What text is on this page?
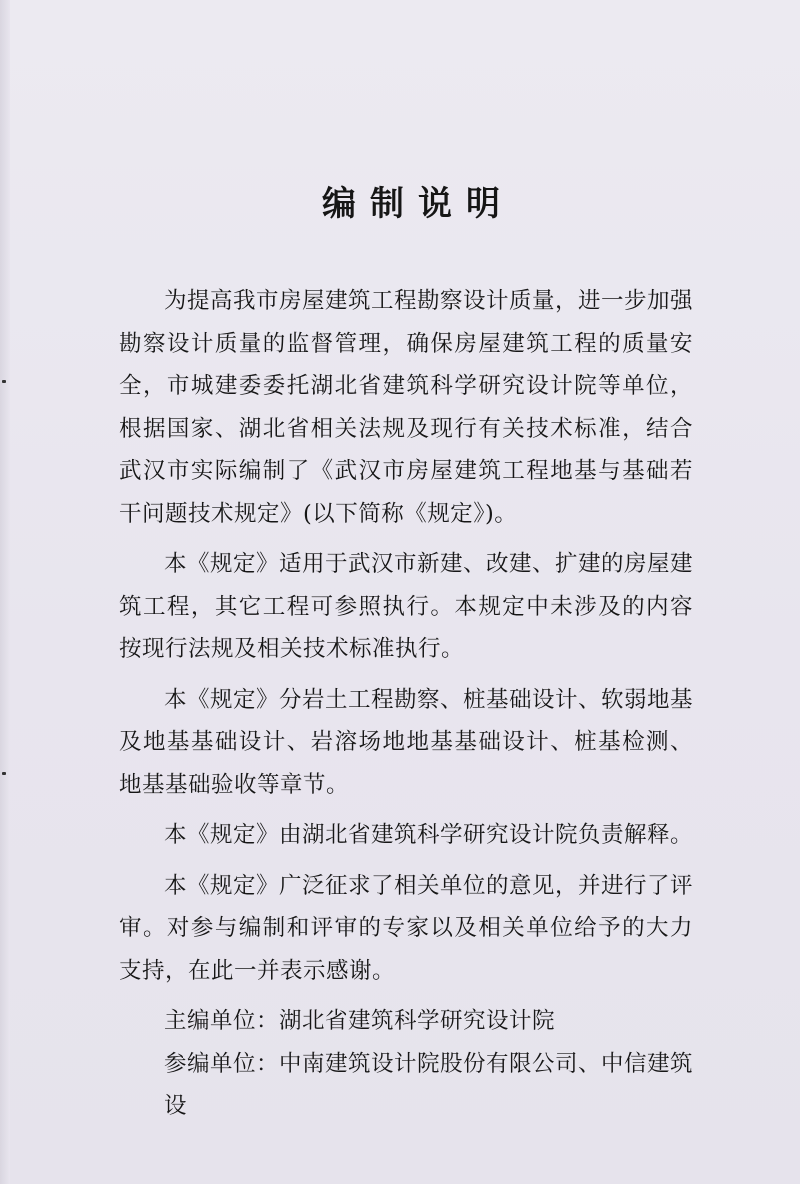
编制说明

为提高我市房屋建筑工程勘察设计质量，进一步加强勘察设计质量的监督管理，确保房屋建筑工程的质量安全，市城建委委托湖北省建筑科学研究设计院等单位，根据国家、湖北省相关法规及现行有关技术标准，结合武汉市实际编制了《武汉市房屋建筑工程地基与基础若干问题技术规定》(以下简称《规定》)。

本《规定》适用于武汉市新建、改建、扩建的房屋建筑工程，其它工程可参照执行。本规定中未涉及的内容按现行法规及相关技术标准执行。

本《规定》分岩土工程勘察、桩基础设计、软弱地基及地基基础设计、岩溶场地地基基础设计、桩基检测、地基基础验收等章节。

本《规定》由湖北省建筑科学研究设计院负责解释。

本《规定》广泛征求了相关单位的意见，并进行了评审。对参与编制和评审的专家以及相关单位给予的大力支持，在此一并表示感谢。

主编单位：湖北省建筑科学研究设计院

参编单位：中南建筑设计院股份有限公司、中信建筑设
